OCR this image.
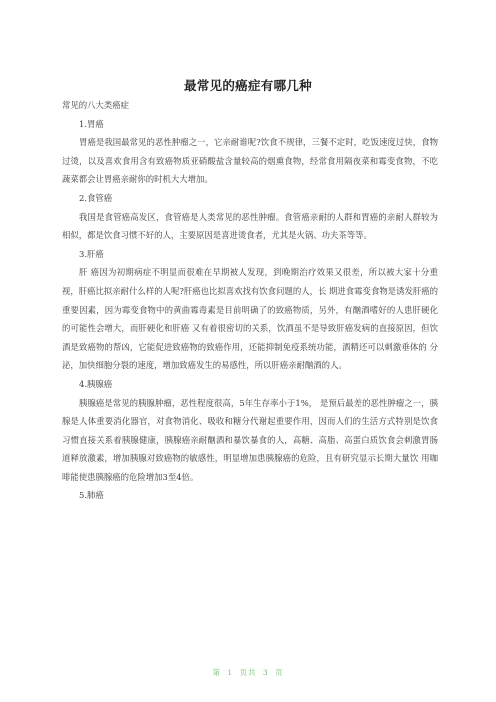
最常见的癌症有哪几种

常见的八大类癌症

1.胃癌

胃癌是我国最常见的恶性肿瘤之一，它亲耐谁呢?饮食不规律，三餐不定时，吃饭速度过快，食物过烫，以及喜欢食用含有致癌物质亚硝酸盐含量较高的烟熏食物，经常食用隔夜菜和霉变食物，不吃蔬菜都会让胃癌亲耐你的时机大大增加。

2.食管癌

我国是食管癌高发区，食管癌是人类常见的恶性肿瘤。食管癌亲耐的人群和胃癌的亲耐人群较为相似，都是饮食习惯不好的人，主要原因是喜进烫食者，尤其是火锅、功夫茶等等。

3.肝癌

肝 癌因为初期病症不明显而很难在早期被人发现，到晚期治疗效果又很差，所以被大家十分重视，肝癌比拟亲耐什么样的人呢?肝癌也比拟喜欢找有饮食问题的人，长 期进食霉变食物是诱发肝癌的重要因素，因为霉变食物中的黄曲霉毒素是目前明确了的致癌物质，另外，有酗酒嗜好的人患肝硬化的可能性会增大，而肝硬化和肝癌 又有着很密切的关系，饮酒虽不是导致肝癌发病的直接原因，但饮酒是致癌物的帮凶，它能促进致癌物的致癌作用，还能抑制免疫系统功能，酒精还可以刺激垂体的 分泌，加快细胞分裂的速度，增加致癌发生的易感性，所以肝癌亲耐酗酒的人。

4.胰腺癌

胰腺癌是常见的胰腺肿瘤，恶性程度很高，5年生存率小于1%， 是预后最差的恶性肿瘤之一，胰腺是人体重要消化器官，对食物消化、吸收和糖分代谢起重要作用，因而人们的生活方式特别是饮食习惯直接关系着胰腺健康，胰腺癌亲耐酗酒和暴饮暴食的人，高糖、高脂、高蛋白质饮食会刺激胃肠道释放激素，增加胰腺对致癌物的敏感性，明显增加患胰腺癌的危险，且有研究显示长期大量饮 用咖啡能使患胰腺癌的危险增加3至4倍。

5.肺癌

第 1 页共 3 页
